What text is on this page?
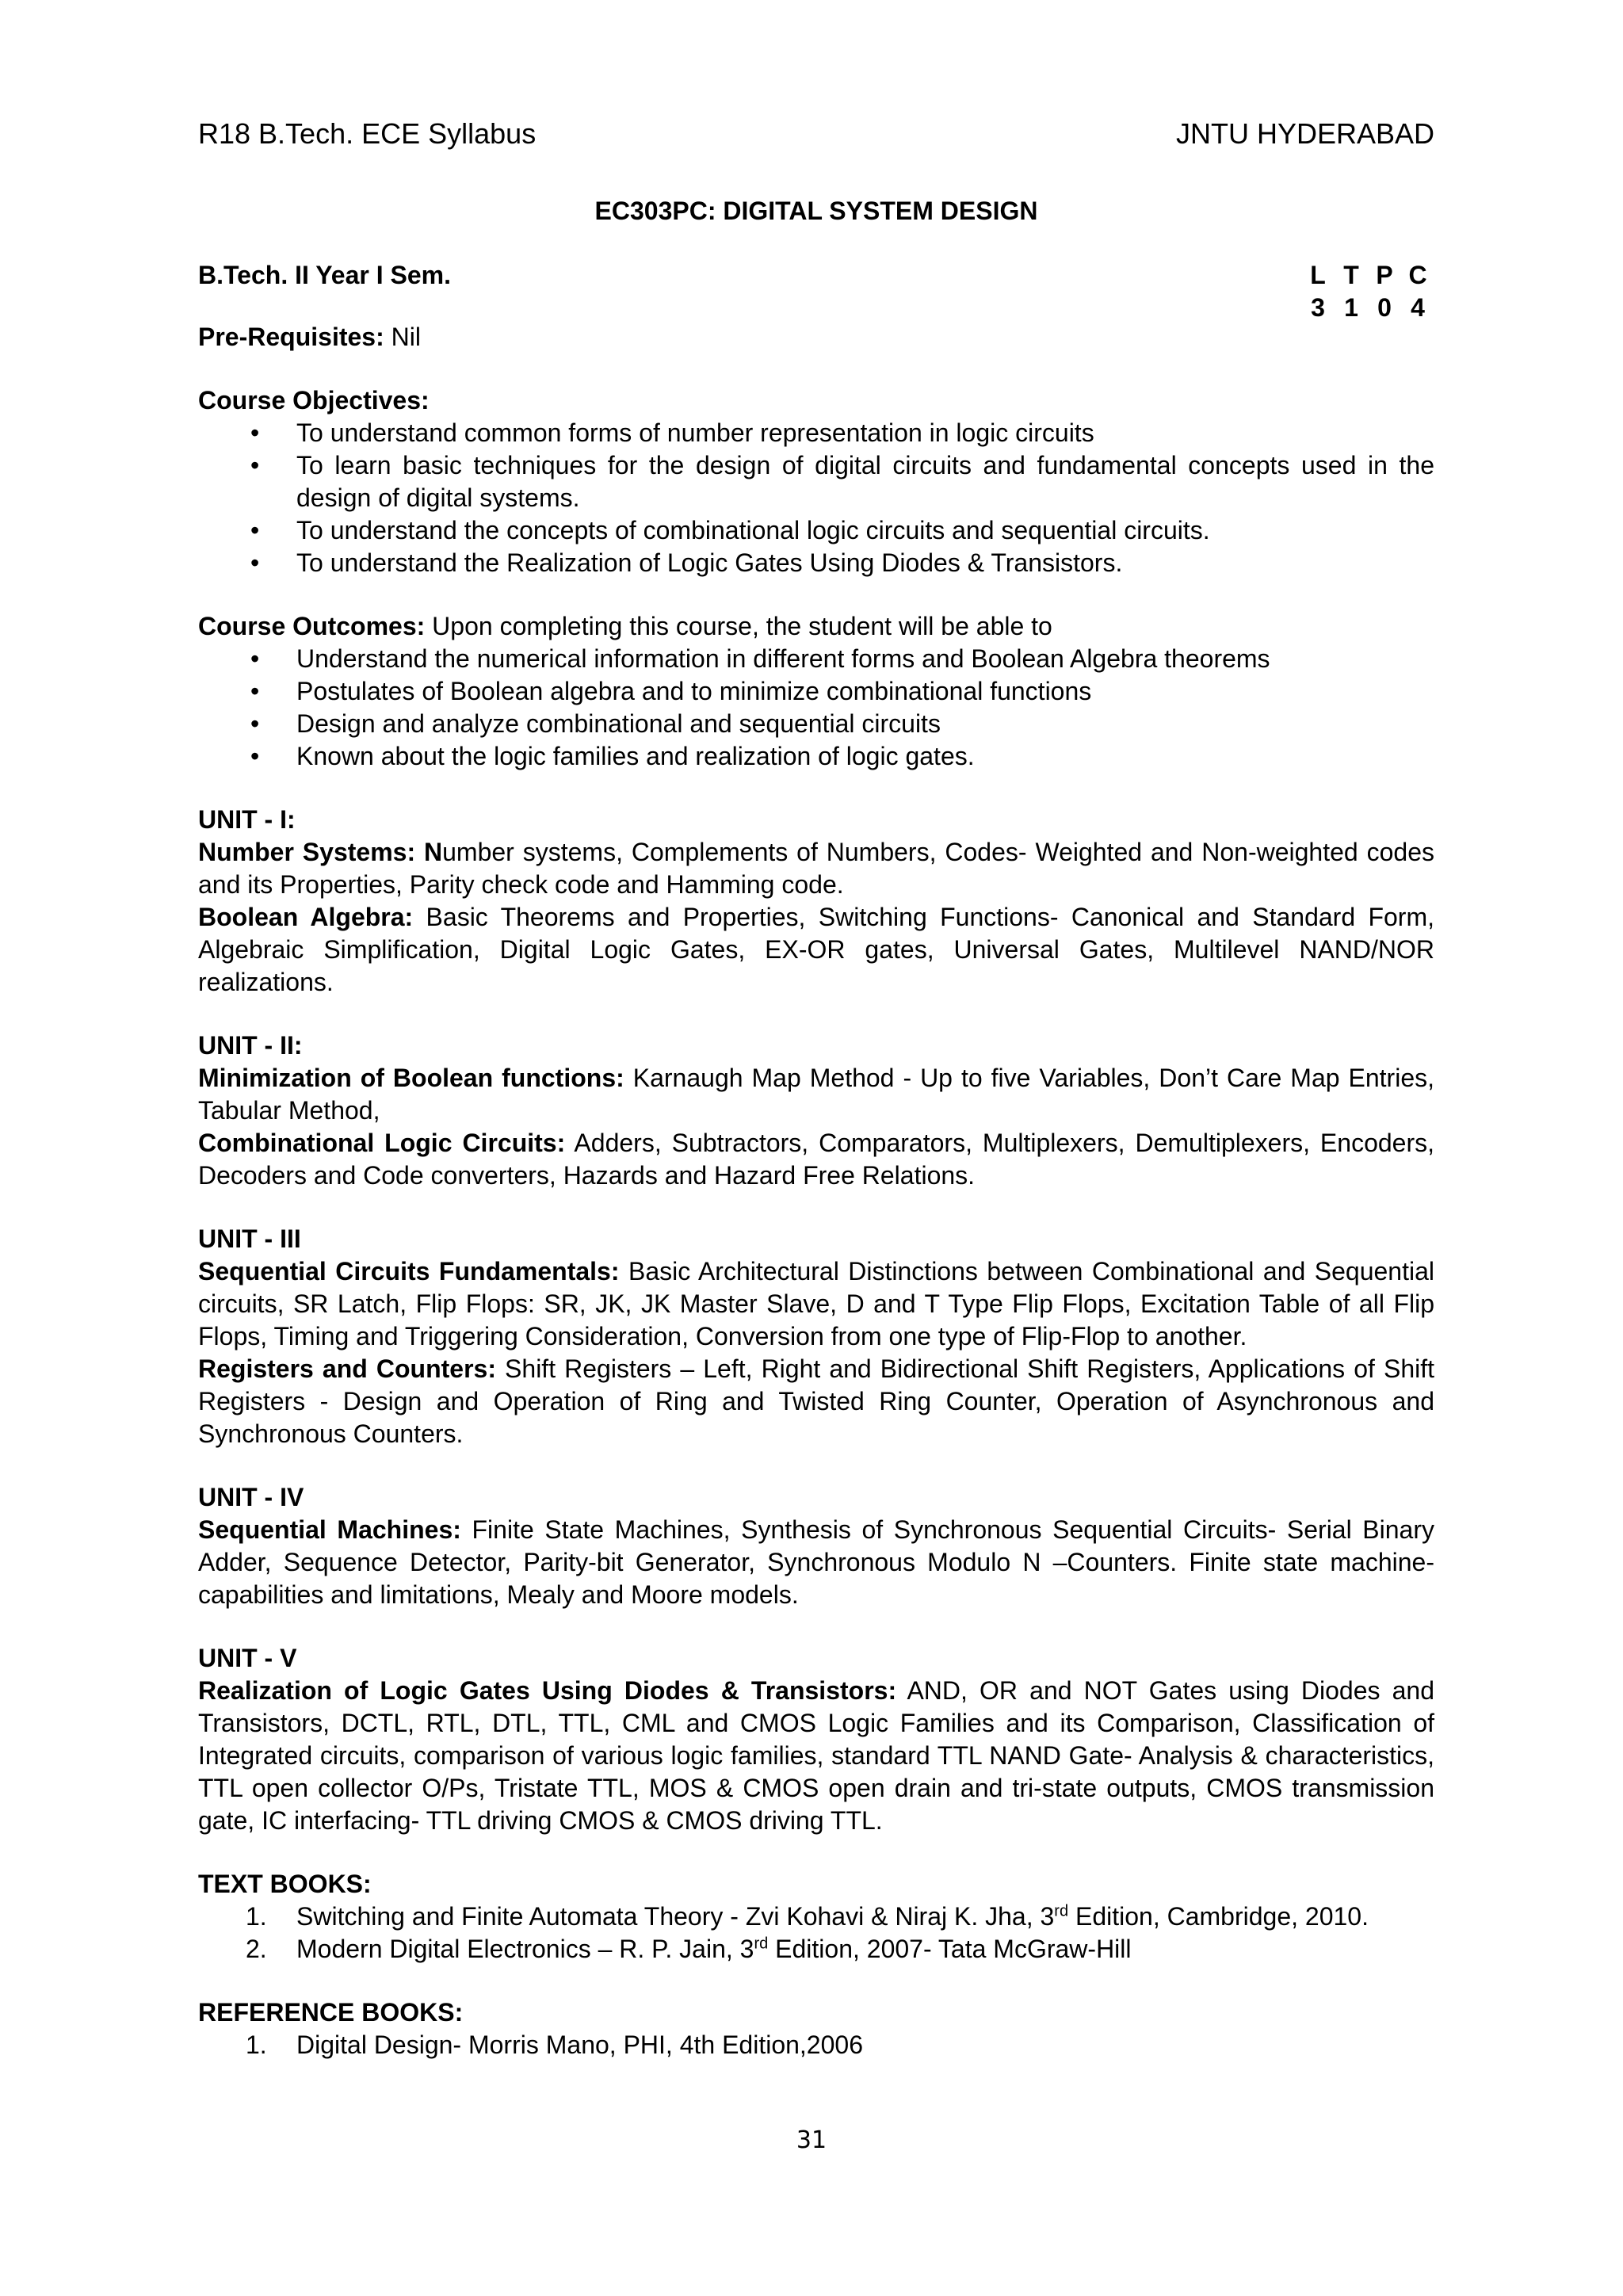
R18 B.Tech. ECE Syllabus	JNTU HYDERABAD
EC303PC: DIGITAL SYSTEM DESIGN
B.Tech. II Year I Sem.	L T P C
3 1 0 4
Pre-Requisites: Nil
Course Objectives:
• To understand common forms of number representation in logic circuits
• To learn basic techniques for the design of digital circuits and fundamental concepts used in the design of digital systems.
• To understand the concepts of combinational logic circuits and sequential circuits.
• To understand the Realization of Logic Gates Using Diodes & Transistors.
Course Outcomes: Upon completing this course, the student will be able to
• Understand the numerical information in different forms and Boolean Algebra theorems
• Postulates of Boolean algebra and to minimize combinational functions
• Design and analyze combinational and sequential circuits
• Known about the logic families and realization of logic gates.
UNIT - I:
Number Systems: Number systems, Complements of Numbers, Codes- Weighted and Non-weighted codes and its Properties, Parity check code and Hamming code.
Boolean Algebra: Basic Theorems and Properties, Switching Functions- Canonical and Standard Form, Algebraic Simplification, Digital Logic Gates, EX-OR gates, Universal Gates, Multilevel NAND/NOR realizations.
UNIT - II:
Minimization of Boolean functions: Karnaugh Map Method - Up to five Variables, Don’t Care Map Entries, Tabular Method,
Combinational Logic Circuits: Adders, Subtractors, Comparators, Multiplexers, Demultiplexers, Encoders, Decoders and Code converters, Hazards and Hazard Free Relations.
UNIT - III
Sequential Circuits Fundamentals: Basic Architectural Distinctions between Combinational and Sequential circuits, SR Latch, Flip Flops: SR, JK, JK Master Slave, D and T Type Flip Flops, Excitation Table of all Flip Flops, Timing and Triggering Consideration, Conversion from one type of Flip-Flop to another.
Registers and Counters: Shift Registers – Left, Right and Bidirectional Shift Registers, Applications of Shift Registers - Design and Operation of Ring and Twisted Ring Counter, Operation of Asynchronous and Synchronous Counters.
UNIT - IV
Sequential Machines: Finite State Machines, Synthesis of Synchronous Sequential Circuits- Serial Binary Adder, Sequence Detector, Parity-bit Generator, Synchronous Modulo N –Counters. Finite state machine-capabilities and limitations, Mealy and Moore models.
UNIT - V
Realization of Logic Gates Using Diodes & Transistors: AND, OR and NOT Gates using Diodes and Transistors, DCTL, RTL, DTL, TTL, CML and CMOS Logic Families and its Comparison, Classification of Integrated circuits, comparison of various logic families, standard TTL NAND Gate- Analysis & characteristics, TTL open collector O/Ps, Tristate TTL, MOS & CMOS open drain and tri-state outputs, CMOS transmission gate, IC interfacing- TTL driving CMOS & CMOS driving TTL.
TEXT BOOKS:
1. Switching and Finite Automata Theory - Zvi Kohavi & Niraj K. Jha, 3rd Edition, Cambridge, 2010.
2. Modern Digital Electronics – R. P. Jain, 3rd Edition, 2007- Tata McGraw-Hill
REFERENCE BOOKS:
1. Digital Design- Morris Mano, PHI, 4th Edition,2006
31
